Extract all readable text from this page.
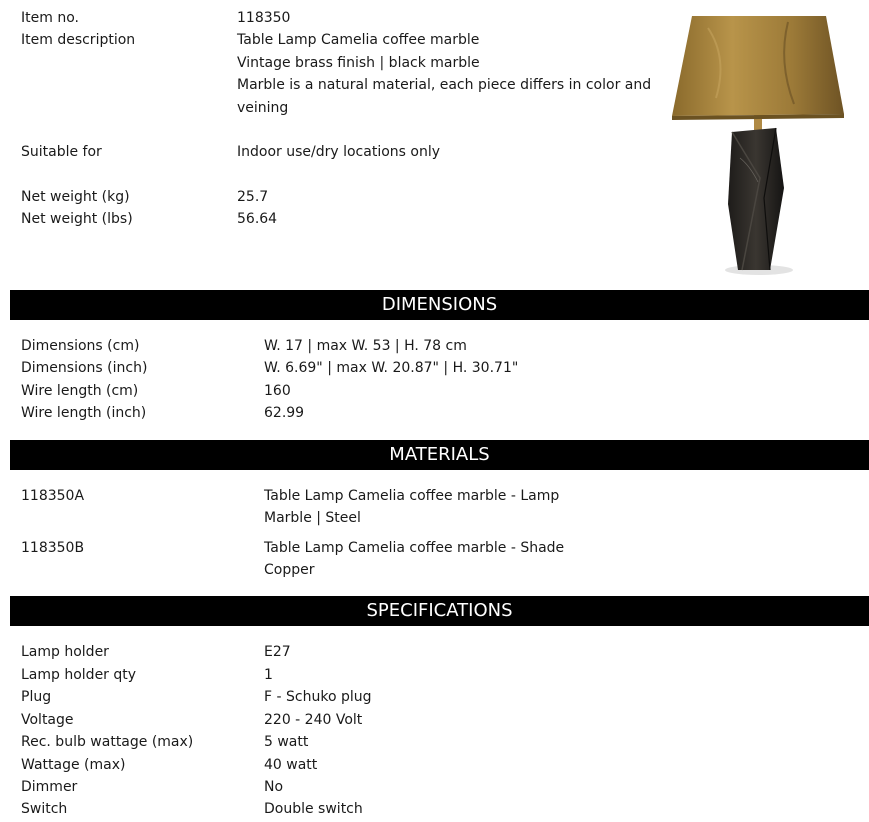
Item no.	118350
Item description	Table Lamp Camelia coffee marble
Vintage brass finish | black marble
Marble is a natural material, each piece differs in color and
veining
Suitable for	Indoor use/dry locations only
Net weight (kg)	25.7
Net weight (lbs)	56.64
DIMENSIONS
Dimensions (cm)	W. 17 | max W. 53 | H. 78 cm
Dimensions (inch)	W. 6.69" | max W. 20.87" | H. 30.71"
Wire length (cm)	160
Wire length (inch)	62.99
MATERIALS
118350A	Table Lamp Camelia coffee marble - Lamp
Marble | Steel
118350B	Table Lamp Camelia coffee marble - Shade
Copper
SPECIFICATIONS
Lamp holder	E27
Lamp holder qty	1
Plug	F - Schuko plug
Voltage	220 - 240 Volt
Rec. bulb wattage (max)	5 watt
Wattage (max)	40 watt
Dimmer	No
Switch	Double switch
